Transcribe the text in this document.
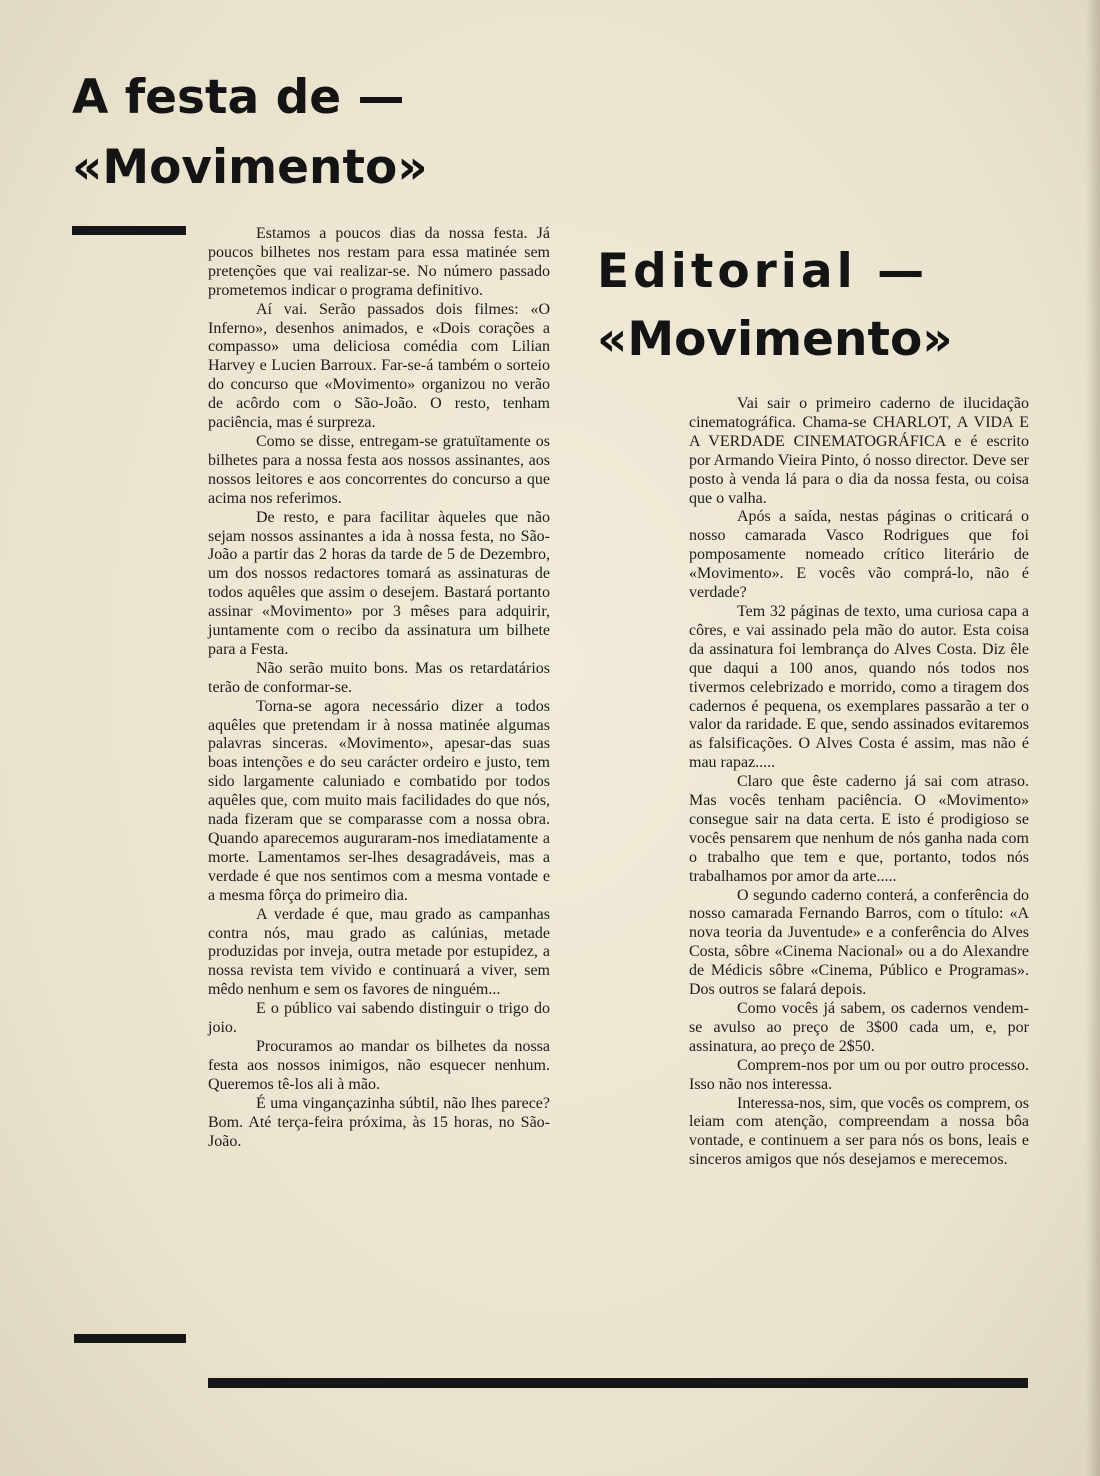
A festa de —
«Movimento»

Estamos a poucos dias da nossa festa. Já poucos bilhetes nos restam para essa matinée sem pretenções que vai realizar-se. No número passado prometemos indicar o programa definitivo.

Aí vai. Serão passados dois filmes: «O Inferno», desenhos animados, e «Dois corações a compasso» uma deliciosa comédia com Lilian Harvey e Lucien Barroux. Far-se-á também o sorteio do concurso que «Movimento» organizou no verão de acôrdo com o São-João. O resto, tenham paciência, mas é surpreza.

Como se disse, entregam-se gratuïtamente os bilhetes para a nossa festa aos nossos assinantes, aos nossos leitores e aos concorrentes do concurso a que acima nos referimos.

De resto, e para facilitar àqueles que não sejam nossos assinantes a ida à nossa festa, no São-João a partir das 2 horas da tarde de 5 de Dezembro, um dos nossos redactores tomará as assinaturas de todos aquêles que assim o desejem. Bastará portanto assinar «Movimento» por 3 mêses para adquirir, juntamente com o recibo da assinatura um bilhete para a Festa.

Não serão muito bons. Mas os retardatários terão de conformar-se.

Torna-se agora necessário dizer a todos aquêles que pretendam ir à nossa matinée algumas palavras sinceras. «Movimento», apesar-das suas boas intenções e do seu carácter ordeiro e justo, tem sido largamente caluniado e combatido por todos aquêles que, com muito mais facilidades do que nós, nada fizeram que se comparasse com a nossa obra. Quando aparecemos auguraram-nos imediatamente a morte. Lamentamos ser-lhes desagradáveis, mas a verdade é que nos sentimos com a mesma vontade e a mesma fôrça do primeiro dia.

A verdade é que, mau grado as campanhas contra nós, mau grado as calúnias, metade produzidas por inveja, outra metade por estupidez, a nossa revista tem vivido e continuará a viver, sem mêdo nenhum e sem os favores de ninguém...

E o público vai sabendo distinguir o trigo do joio.

Procuramos ao mandar os bilhetes da nossa festa aos nossos inimigos, não esquecer nenhum. Queremos tê-los ali à mão.

É uma vingançazinha súbtil, não lhes parece? Bom. Até terça-feira próxima, às 15 horas, no São-João.

Editorial —
«Movimento»

Vai sair o primeiro caderno de ilucidação cinematográfica. Chama-se CHARLOT, A VIDA E A VERDADE CINEMATOGRÁFICA e é escrito por Armando Vieira Pinto, ó nosso director. Deve ser posto à venda lá para o dia da nossa festa, ou coisa que o valha.

Após a saída, nestas páginas o criticará o nosso camarada Vasco Rodrigues que foi pomposamente nomeado crítico literário de «Movimento». E vocês vão comprá-lo, não é verdade?

Tem 32 páginas de texto, uma curiosa capa a côres, e vai assinado pela mão do autor. Esta coisa da assinatura foi lembrança do Alves Costa. Diz êle que daqui a 100 anos, quando nós todos nos tivermos celebrizado e morrido, como a tiragem dos cadernos é pequena, os exemplares passarão a ter o valor da raridade. E que, sendo assinados evitaremos as falsificações. O Alves Costa é assim, mas não é mau rapaz.....

Claro que êste caderno já sai com atraso. Mas vocês tenham paciência. O «Movimento» consegue sair na data certa. E isto é prodigioso se vocês pensarem que nenhum de nós ganha nada com o trabalho que tem e que, portanto, todos nós trabalhamos por amor da arte.....

O segundo caderno conterá, a conferência do nosso camarada Fernando Barros, com o título: «A nova teoria da Juventude» e a conferência do Alves Costa, sôbre «Cinema Nacional» ou a do Alexandre de Médicis sôbre «Cinema, Público e Programas». Dos outros se falará depois.

Como vocês já sabem, os cadernos vendem-se avulso ao preço de 3$00 cada um, e, por assinatura, ao preço de 2$50.

Comprem-nos por um ou por outro processo. Isso não nos interessa.

Interessa-nos, sim, que vocês os comprem, os leiam com atenção, compreendam a nossa bôa vontade, e continuem a ser para nós os bons, leais e sinceros amigos que nós desejamos e merecemos.
